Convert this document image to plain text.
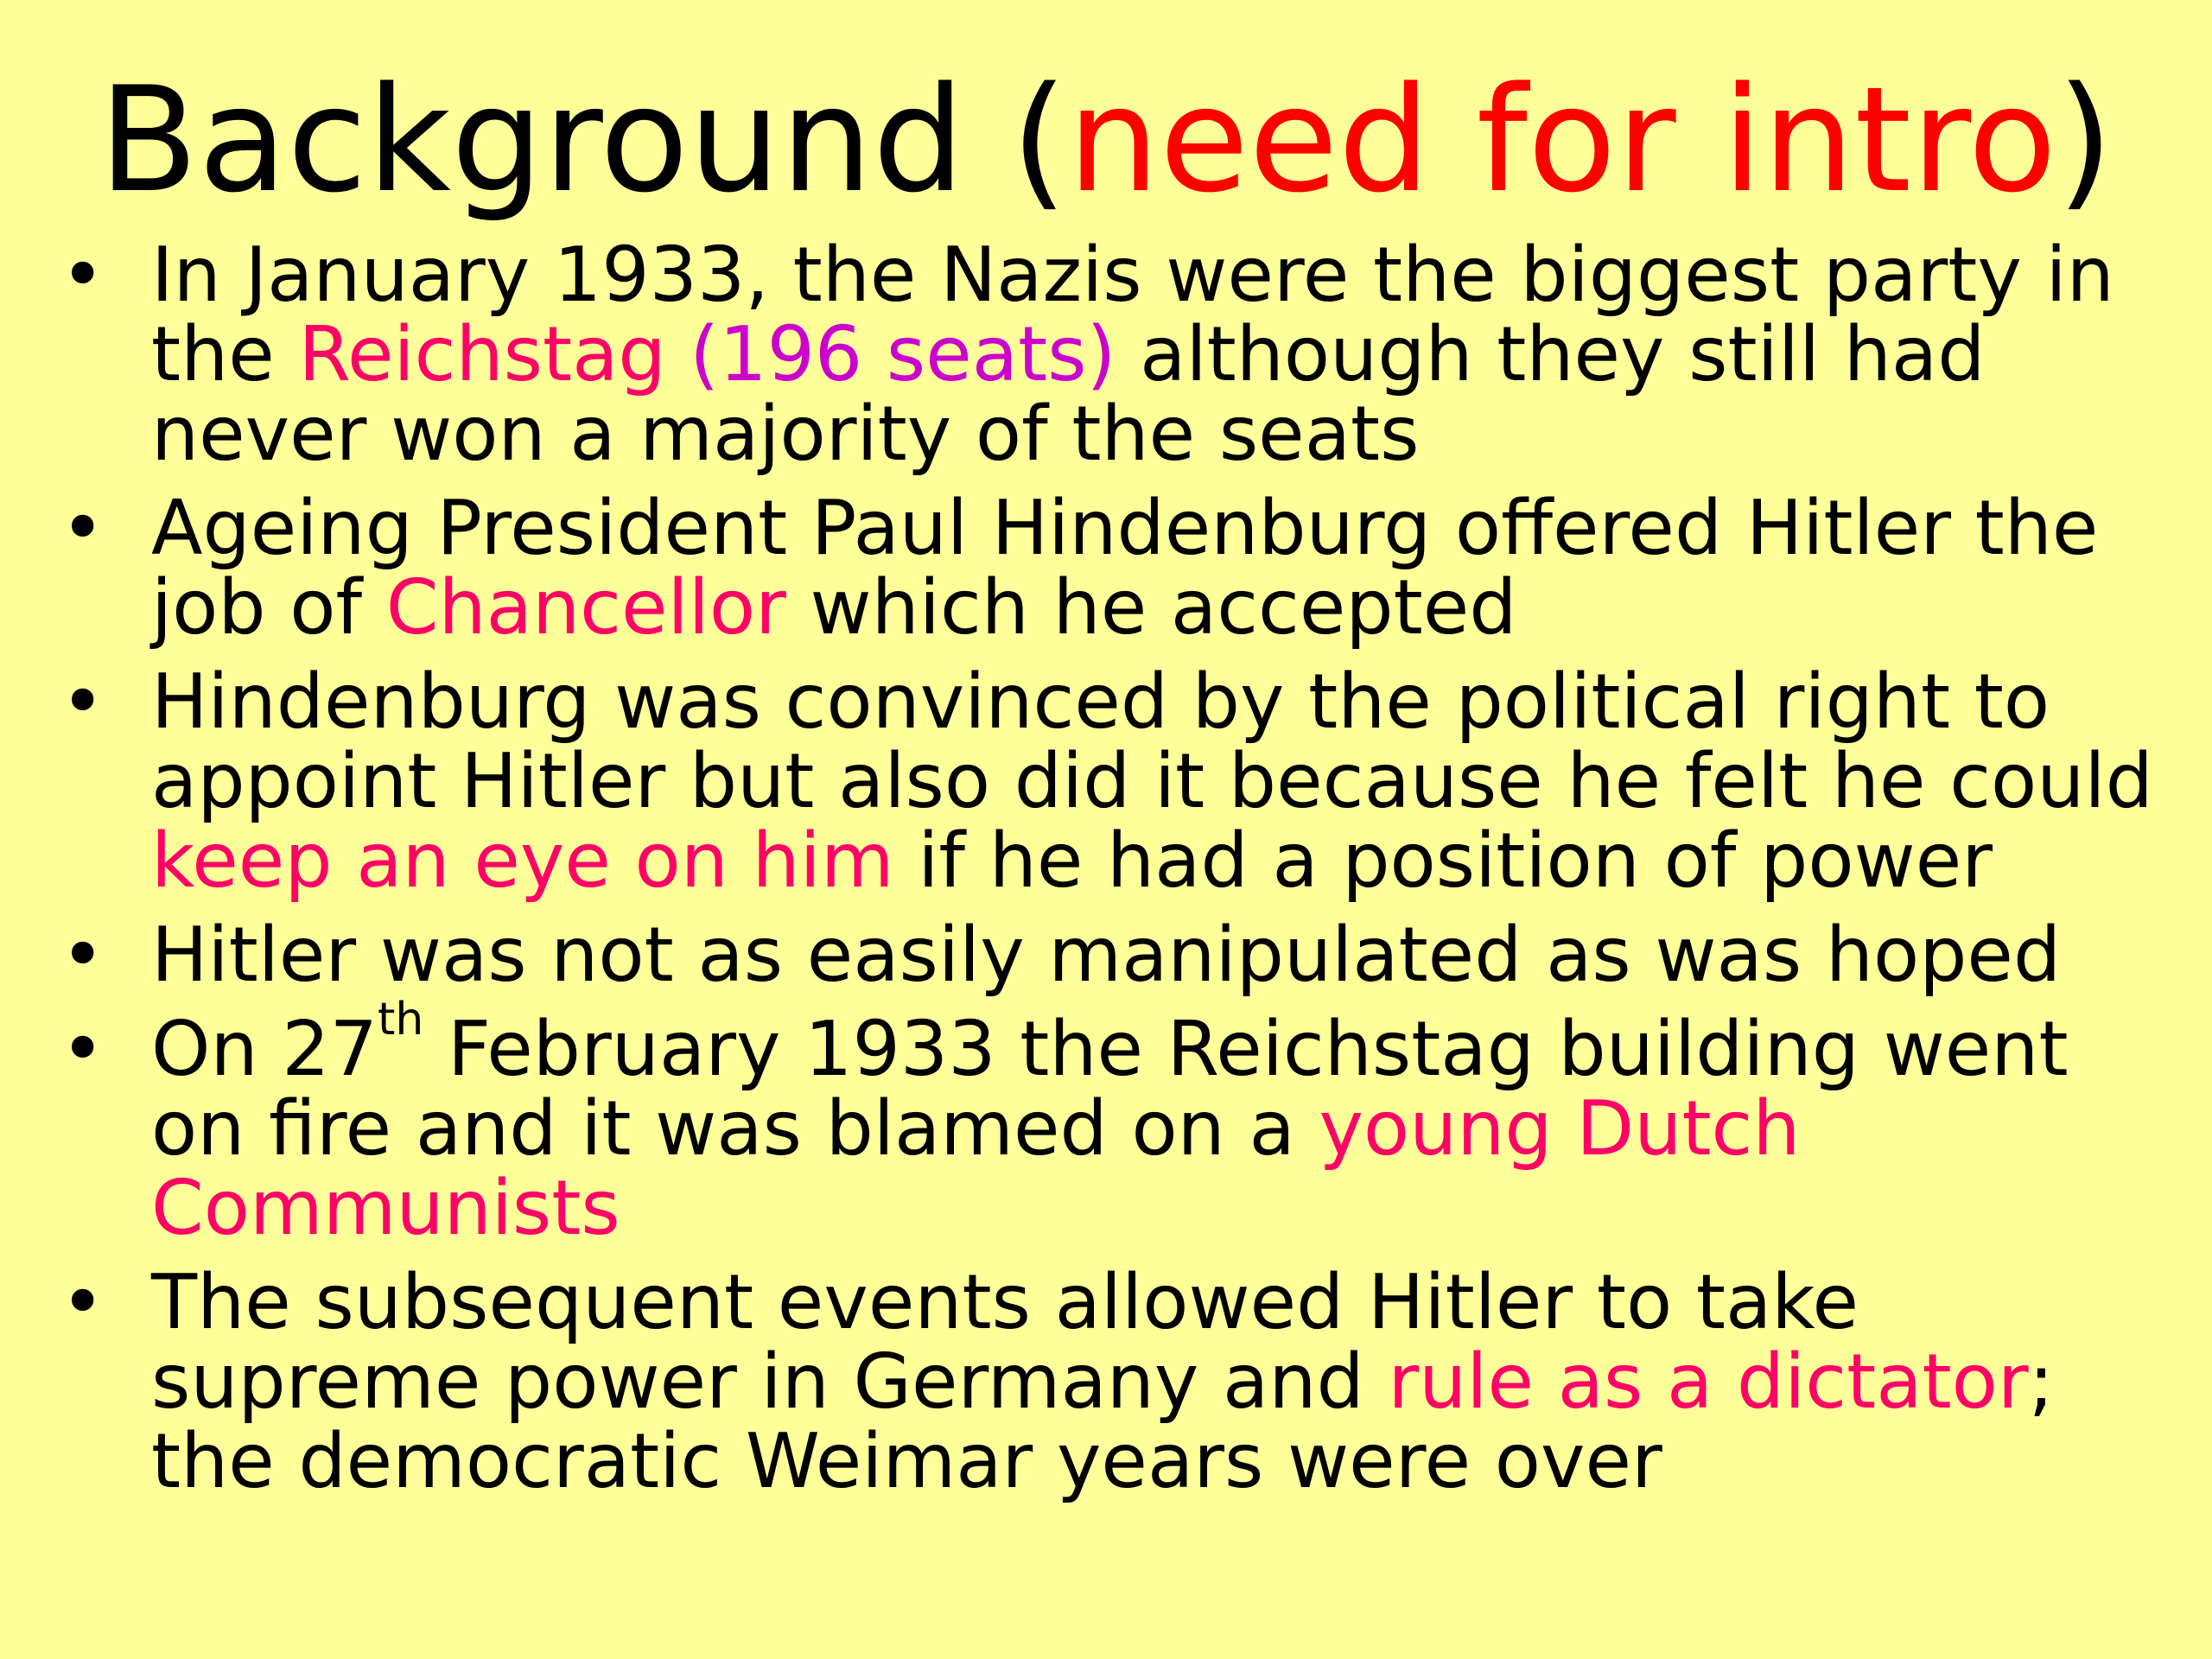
Background (need for intro)
• In January 1933, the Nazis were the biggest party in the Reichstag (196 seats) although they still had never won a majority of the seats
• Ageing President Paul Hindenburg offered Hitler the job of Chancellor which he accepted
• Hindenburg was convinced by the political right to appoint Hitler but also did it because he felt he could keep an eye on him if he had a position of power
• Hitler was not as easily manipulated as was hoped
• On 27th February 1933 the Reichstag building went on fire and it was blamed on a young Dutch Communists
• The subsequent events allowed Hitler to take supreme power in Germany and rule as a dictator; the democratic Weimar years were over
